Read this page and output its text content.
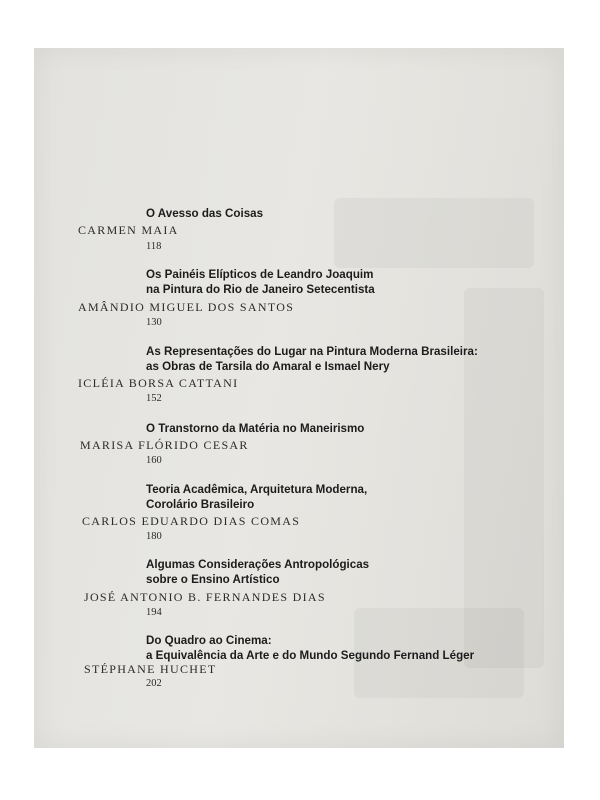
O Avesso das Coisas

CARMEN MAIA

118

Os Painéis Elípticos de Leandro Joaquim

na Pintura do Rio de Janeiro Setecentista

AMÂNDIO MIGUEL DOS SANTOS

130

As Representações do Lugar na Pintura Moderna Brasileira:

as Obras de Tarsila do Amaral e Ismael Nery

ICLÉIA BORSA CATTANI

152

O Transtorno da Matéria no Maneirismo

MARISA FLÓRIDO CESAR

160

Teoria Acadêmica, Arquitetura Moderna,

Corolário Brasileiro

CARLOS EDUARDO DIAS COMAS

180

Algumas Considerações Antropológicas

sobre o Ensino Artístico

JOSÉ ANTONIO B. FERNANDES DIAS

194

Do Quadro ao Cinema:

a Equivalência da Arte e do Mundo Segundo Fernand Léger

STÉPHANE HUCHET

202
